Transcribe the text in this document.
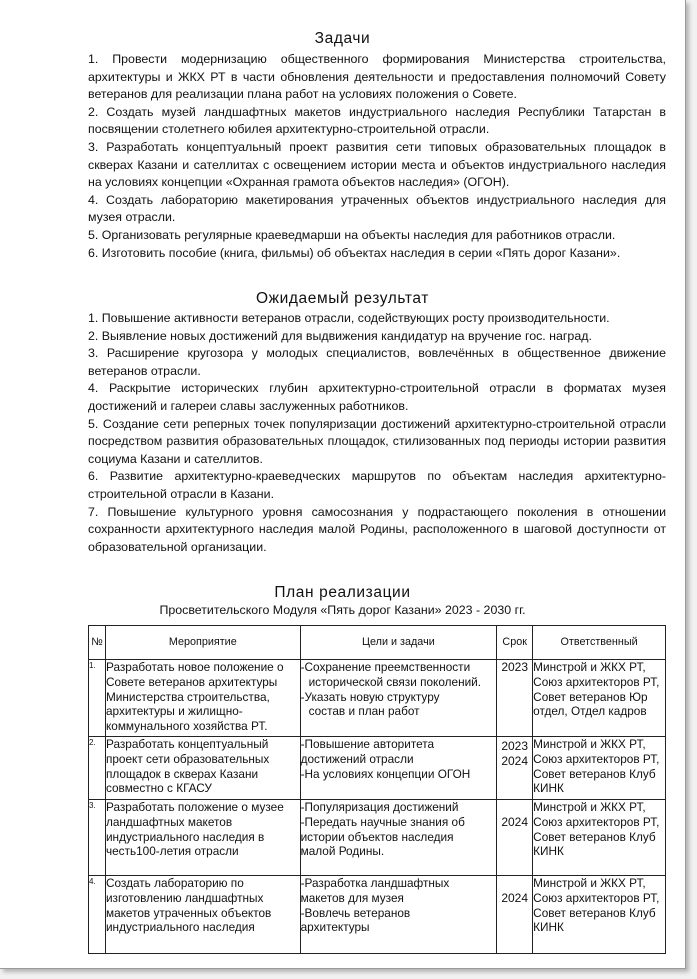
Задачи

1. Провести модернизацию общественного формирования Министерства строительства, архитектуры и ЖКХ РТ в части обновления деятельности и предоставления полномочий Совету ветеранов для реализации плана работ на условиях положения о Совете.

2. Создать музей ландшафтных макетов индустриального наследия Республики Татарстан в посвящении столетнего юбилея архитектурно-строительной отрасли.

3. Разработать концептуальный проект развития сети типовых образовательных площадок в скверах Казани и сателлитах с освещением истории места и объектов индустриального наследия на условиях концепции «Охранная грамота объектов наследия» (ОГОН).

4. Создать лабораторию макетирования утраченных объектов индустриального наследия для музея отрасли.

5. Организовать регулярные краеведмарши на объекты наследия для работников отрасли.

6. Изготовить пособие (книга, фильмы) об объектах наследия в серии «Пять дорог Казани».

Ожидаемый результат

1. Повышение активности ветеранов отрасли, содействующих росту производительности.

2. Выявление новых достижений для выдвижения кандидатур на вручение гос. наград.

3. Расширение кругозора у молодых специалистов, вовлечённых в общественное движение ветеранов отрасли.

4. Раскрытие исторических глубин архитектурно-строительной отрасли в форматах музея достижений и галереи славы заслуженных работников.

5. Создание сети реперных точек популяризации достижений архитектурно-строительной отрасли посредством развития образовательных площадок, стилизованных под периоды истории развития социума Казани и сателлитов.

6. Развитие архитектурно-краеведческих маршрутов по объектам наследия архитектурно-строительной отрасли в Казани.

7. Повышение культурного уровня самосознания у подрастающего поколения в отношении сохранности архитектурного наследия малой Родины, расположенного в шаговой доступности от образовательной организации.

План реализации
Просветительского Модуля «Пять дорог Казани» 2023 - 2030 гг.
№	Мероприятие	Цели и задачи	Срок	Ответственный
1.	Разработать новое положение о Совете ветеранов архитектуры Министерства строительства, архитектуры и жилищно-коммунального хозяйства РТ.	-Сохранение преемственности
исторической связи поколений.
-Указать новую структуру
состав и план работ	2023	Минстрой и ЖКХ РТ, Союз архитекторов РТ, Совет ветеранов Юр отдел, Отдел кадров
2.	Разработать концептуальный проект сети образовательных площадок в скверах Казани совместно с КГАСУ	-Повышение авторитета
достижений отрасли
-На условиях концепции ОГОН	2023
2024	Минстрой и ЖКХ РТ, Союз архитекторов РТ, Совет ветеранов Клуб КИНК
3.	Разработать положение о музее ландшафтных макетов индустриального наследия в честь100-летия отрасли	-Популяризация достижений
-Передать научные знания об
истории объектов наследия
малой Родины.	2024	Минстрой и ЖКХ РТ, Союз архитекторов РТ, Совет ветеранов Клуб КИНК
4.	Создать лабораторию по изготовлению ландшафтных макетов утраченных объектов индустриального наследия	-Разработка ландшафтных
макетов для музея
-Вовлечь ветеранов
архитектуры	2024	Минстрой и ЖКХ РТ, Союз архитекторов РТ, Совет ветеранов Клуб КИНК
